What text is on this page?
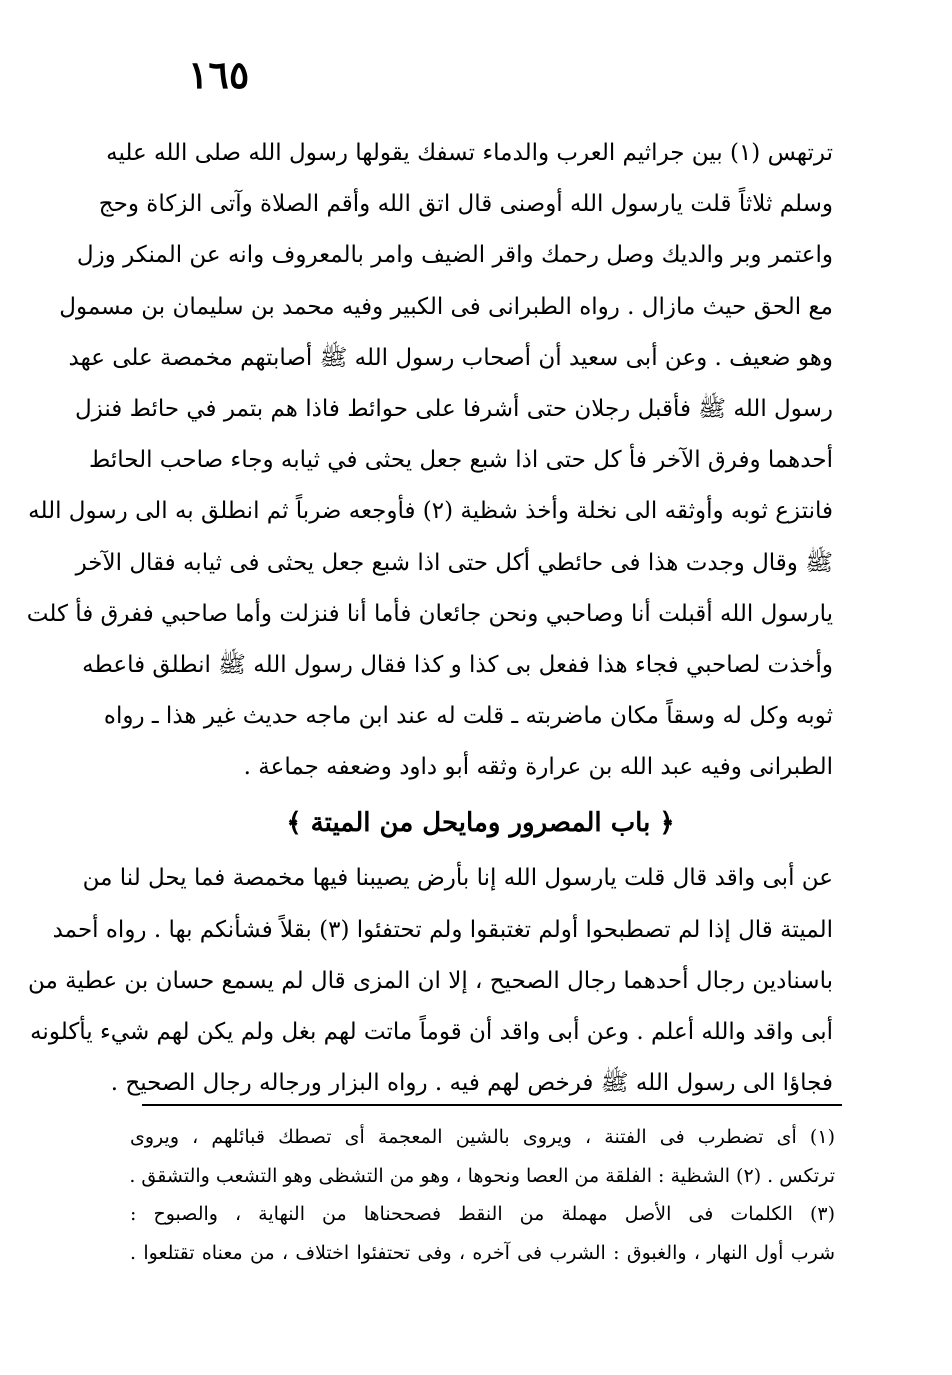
١٦٥
ترتهس (١) بين جراثيم العرب والدماء تسفك يقولها رسول الله صلى الله عليه
وسلم ثلاثاً قلت يارسول الله أوصنى قال اتق الله وأقم الصلاة وآتى الزكاة وحج
واعتمر وبر والديك وصل رحمك واقر الضيف وامر بالمعروف وانه عن المنكر وزل
مع الحق حيث مازال . رواه الطبرانى فى الكبير وفيه محمد بن سليمان بن مسمول
وهو ضعيف . وعن أبى سعيد أن أصحاب رسول الله ﷺ أصابتهم مخمصة على عهد
رسول الله ﷺ فأقبل رجلان حتى أشرفا على حوائط فاذا هم بتمر في حائط فنزل
أحدهما وفرق الآخر فأ كل حتى اذا شبع جعل يحثى في ثيابه وجاء صاحب الحائط
فانتزع ثوبه وأوثقه الى نخلة وأخذ شظية (٢) فأوجعه ضرباً ثم انطلق به الى رسول الله
ﷺ وقال وجدت هذا فى حائطي أكل حتى اذا شبع جعل يحثى فى ثيابه فقال الآخر
يارسول الله أقبلت أنا وصاحبي ونحن جائعان فأما أنا فنزلت وأما صاحبي ففرق فأ كلت
وأخذت لصاحبي فجاء هذا ففعل بى كذا و كذا فقال رسول الله ﷺ انطلق فاعطه
ثوبه وكل له وسقاً مكان ماضربته ـ قلت له عند ابن ماجه حديث غير هذا ـ رواه
الطبرانى وفيه عبد الله بن عرارة وثقه أبو داود وضعفه جماعة .
﴿ باب المصرور ومايحل من الميتة ﴾
عن أبى واقد قال قلت يارسول الله إنا بأرض يصيبنا فيها مخمصة فما يحل لنا من
الميتة قال إذا لم تصطبحوا أولم تغتبقوا ولم تحتفئوا (٣) بقلاً فشأنكم بها . رواه أحمد
باسنادين رجال أحدهما رجال الصحيح ، إلا ان المزى قال لم يسمع حسان بن عطية من
أبى واقد والله أعلم . وعن أبى واقد أن قوماً ماتت لهم بغل ولم يكن لهم شيء يأكلونه
فجاؤا الى رسول الله ﷺ فرخص لهم فيه . رواه البزار ورجاله رجال الصحيح .
(١) أى تضطرب فى الفتنة ، ويروى بالشين المعجمة أى تصطك قبائلهم ، ويروى
ترتكس . (٢) الشظية : الفلقة من العصا ونحوها ، وهو من التشظى وهو التشعب والتشقق .
(٣) الكلمات فى الأصل مهملة من النقط فصححناها من النهاية ، والصبوح :
شرب أول النهار ، والغبوق : الشرب فى آخره ، وفى تحتفئوا اختلاف ، من معناه تقتلعوا .
